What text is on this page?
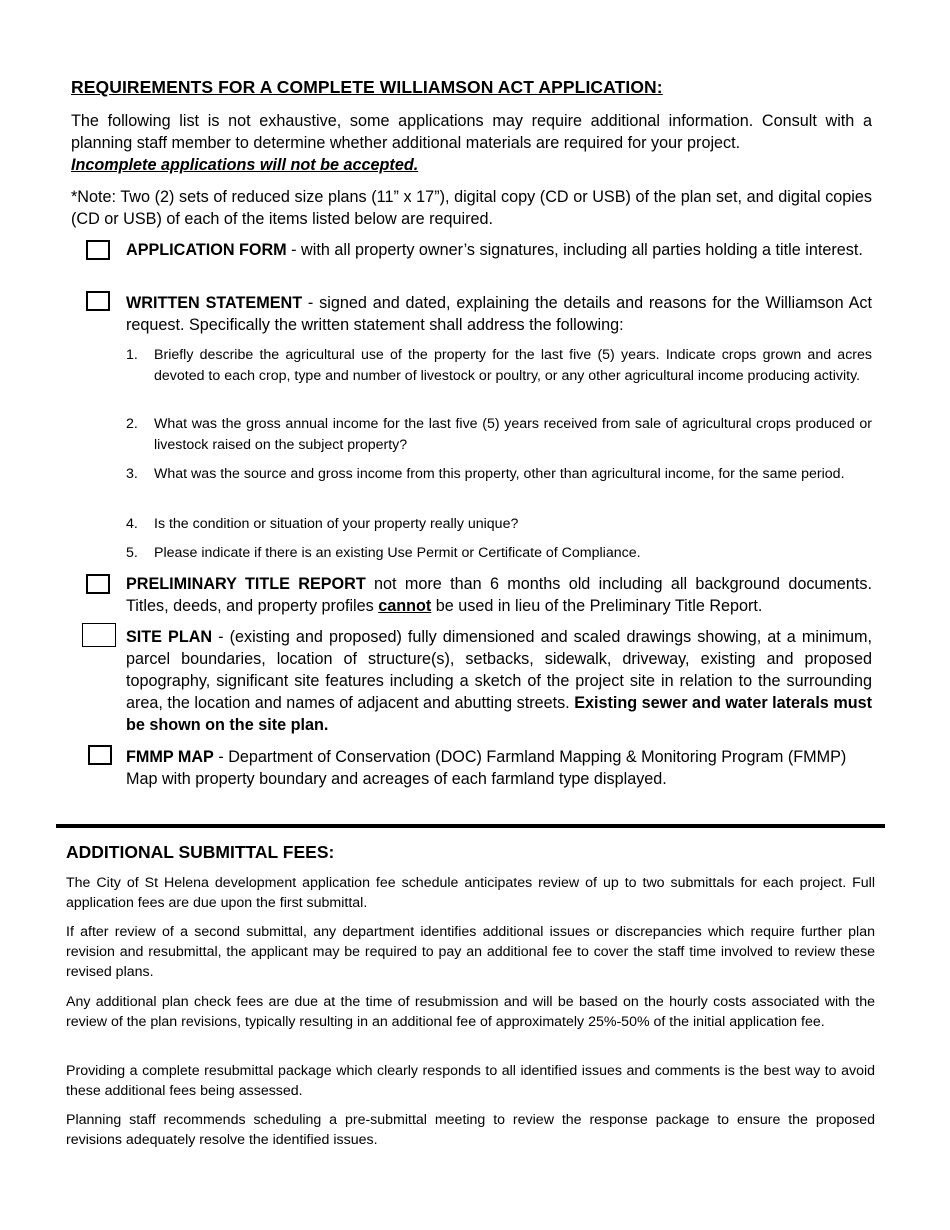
REQUIREMENTS FOR A COMPLETE WILLIAMSON ACT APPLICATION:
The following list is not exhaustive, some applications may require additional information. Consult with a planning staff member to determine whether additional materials are required for your project.
Incomplete applications will not be accepted.
*Note: Two (2) sets of reduced size plans (11” x 17”), digital copy (CD or USB) of the plan set, and digital copies (CD or USB) of each of the items listed below are required.
APPLICATION FORM - with all property owner’s signatures, including all parties holding a title interest.
WRITTEN STATEMENT - signed and dated, explaining the details and reasons for the Williamson Act request. Specifically the written statement shall address the following:
1.	Briefly describe the agricultural use of the property for the last five (5) years. Indicate crops grown and acres devoted to each crop, type and number of livestock or poultry, or any other agricultural income producing activity.
2.	What was the gross annual income for the last five (5) years received from sale of agricultural crops produced or livestock raised on the subject property?
3.	What was the source and gross income from this property, other than agricultural income, for the same period.
4.	Is the condition or situation of your property really unique?
5.	Please indicate if there is an existing Use Permit or Certificate of Compliance.
PRELIMINARY TITLE REPORT not more than 6 months old including all background documents. Titles, deeds, and property profiles cannot be used in lieu of the Preliminary Title Report.
SITE PLAN - (existing and proposed) fully dimensioned and scaled drawings showing, at a minimum, parcel boundaries, location of structure(s), setbacks, sidewalk, driveway, existing and proposed topography, significant site features including a sketch of the project site in relation to the surrounding area, the location and names of adjacent and abutting streets. Existing sewer and water laterals must be shown on the site plan.
FMMP MAP - Department of Conservation (DOC) Farmland Mapping & Monitoring Program (FMMP) Map with property boundary and acreages of each farmland type displayed.
ADDITIONAL SUBMITTAL FEES:
The City of St Helena development application fee schedule anticipates review of up to two submittals for each project. Full application fees are due upon the first submittal.
If after review of a second submittal, any department identifies additional issues or discrepancies which require further plan revision and resubmittal, the applicant may be required to pay an additional fee to cover the staff time involved to review these revised plans.
Any additional plan check fees are due at the time of resubmission and will be based on the hourly costs associated with the review of the plan revisions, typically resulting in an additional fee of approximately 25%-50% of the initial application fee.
Providing a complete resubmittal package which clearly responds to all identified issues and comments is the best way to avoid these additional fees being assessed.
Planning staff recommends scheduling a pre-submittal meeting to review the response package to ensure the proposed revisions adequately resolve the identified issues.
